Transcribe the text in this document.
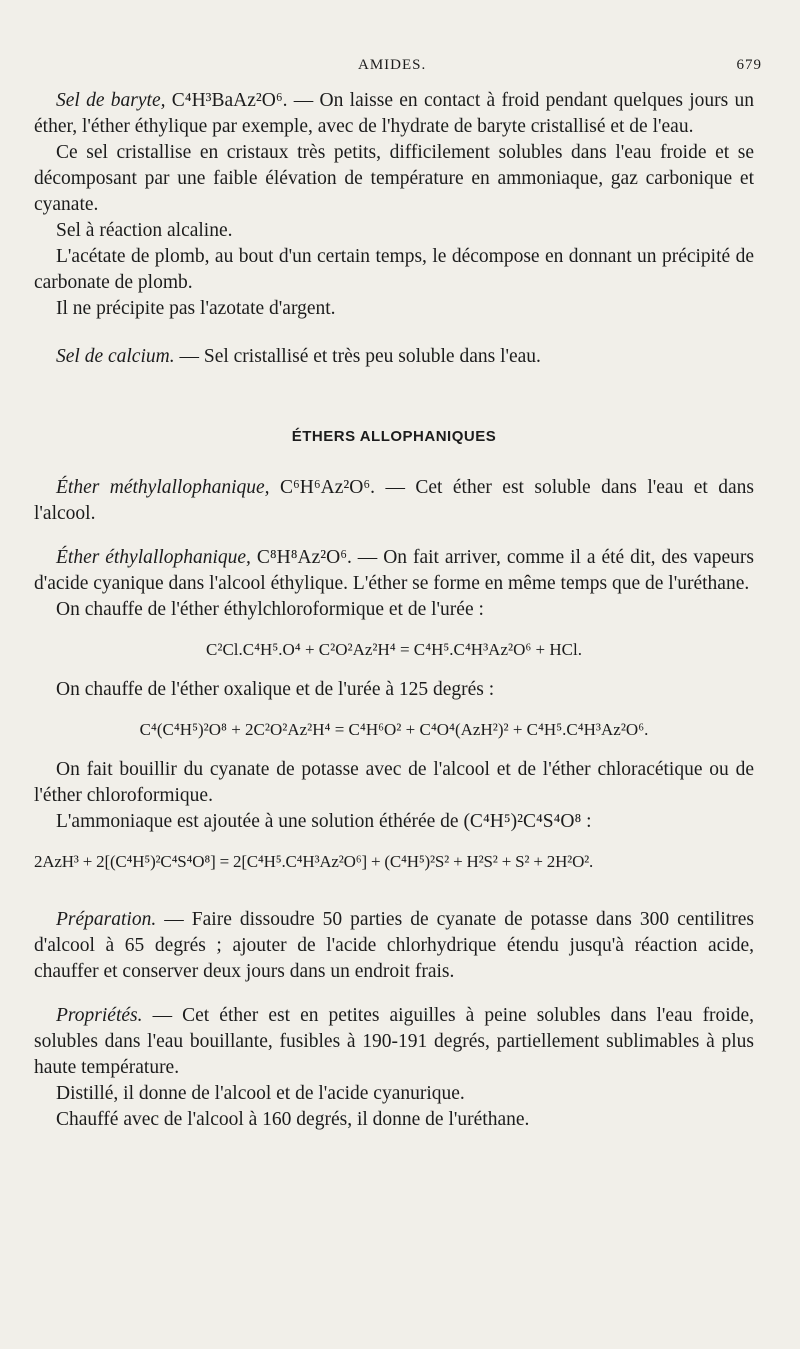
AMIDES.	679

Sel de baryte, C⁴H³BaAz²O⁶. — On laisse en contact à froid pendant quelques jours un éther, l'éther éthylique par exemple, avec de l'hydrate de baryte cristallisé et de l'eau.

Ce sel cristallise en cristaux très petits, difficilement solubles dans l'eau froide et se décomposant par une faible élévation de température en ammoniaque, gaz carbonique et cyanate.

Sel à réaction alcaline.

L'acétate de plomb, au bout d'un certain temps, le décompose en donnant un précipité de carbonate de plomb.

Il ne précipite pas l'azotate d'argent.

Sel de calcium. — Sel cristallisé et très peu soluble dans l'eau.

ÉTHERS ALLOPHANIQUES

Éther méthylallophanique, C⁶H⁶Az²O⁶. — Cet éther est soluble dans l'eau et dans l'alcool.

Éther éthylallophanique, C⁸H⁸Az²O⁶. — On fait arriver, comme il a été dit, des vapeurs d'acide cyanique dans l'alcool éthylique. L'éther se forme en même temps que de l'uréthane.

On chauffe de l'éther éthylchloroformique et de l'urée :

C²Cl.C⁴H⁵.O⁴ + C²O²Az²H⁴ = C⁴H⁵.C⁴H³Az²O⁶ + HCl.

On chauffe de l'éther oxalique et de l'urée à 125 degrés :

C⁴(C⁴H⁵)²O⁸ + 2C²O²Az²H⁴ = C⁴H⁶O² + C⁴O⁴(AzH²)² + C⁴H⁵.C⁴H³Az²O⁶.

On fait bouillir du cyanate de potasse avec de l'alcool et de l'éther chloracétique ou de l'éther chloroformique.

L'ammoniaque est ajoutée à une solution éthérée de (C⁴H⁵)²C⁴S⁴O⁸ :

2AzH³ + 2[(C⁴H⁵)²C⁴S⁴O⁸] = 2[C⁴H⁵.C⁴H³Az²O⁶] + (C⁴H⁵)²S² + H²S² + S² + 2H²O².

Préparation. — Faire dissoudre 50 parties de cyanate de potasse dans 300 centilitres d'alcool à 65 degrés ; ajouter de l'acide chlorhydrique étendu jusqu'à réaction acide, chauffer et conserver deux jours dans un endroit frais.

Propriétés. — Cet éther est en petites aiguilles à peine solubles dans l'eau froide, solubles dans l'eau bouillante, fusibles à 190-191 degrés, partiellement sublimables à plus haute température.

Distillé, il donne de l'alcool et de l'acide cyanurique.

Chauffé avec de l'alcool à 160 degrés, il donne de l'uréthane.
